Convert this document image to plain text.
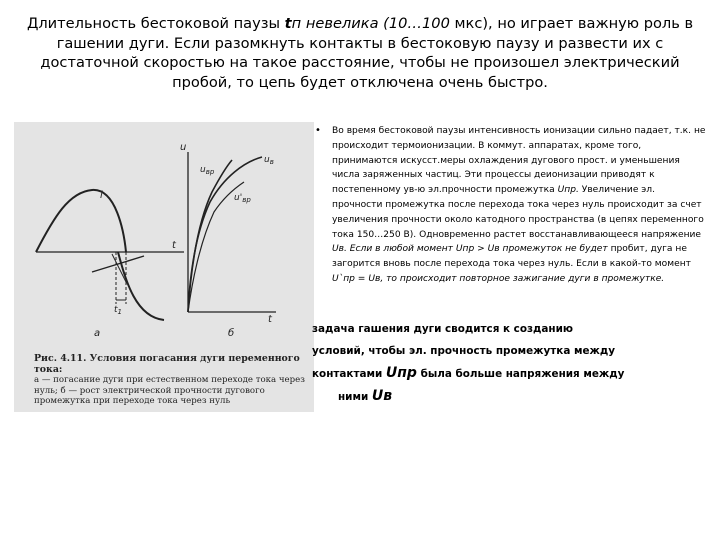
Длительность бестоковой паузы tп невелика (10…100 мкс), но играет важную роль в гашении дуги. Если разомкнуть контакты в бестоковую паузу и развести их с достаточной скоростью на такое расстояние, чтобы не произошел электрический пробой, то цепь будет отключена очень быстро.
i
t
$t_1$
а
u
t
$u_{вр}$
$u_в$
$u'_{вр}$
б
Рис. 4.11. Условия погасания дуги переменного тока:
а — погасание дуги при естественном переходе тока через нуль; б — рост электрической прочности дугового промежутка при переходе тока через нуль
• Во время бестоковой паузы интенсивность ионизации сильно падает, т.к. не происходит термоионизации. В коммут. аппаратах, кроме того, принимаются искусст.меры охлаждения дугового прост. и уменьшения числа заряженных частиц. Эти процессы деионизации приводят к постепенному ув-ю эл.прочности промежутка Uпр. Увеличение эл. прочности промежутка после перехода тока через нуль происходит за счет увеличения прочности около катодного пространства (в цепях переменного тока 150…250 В). Одновременно растет восстанавливающееся напряжение Uв. Если в любой момент Uпр > Uв промежуток не будет пробит, дуга не загорится вновь после перехода тока через нуль. Если в какой-то момент U`пр = Uв, то происходит повторное зажигание дуги в промежутке.
задача гашения дуги сводится к созданию
условий, чтобы эл. прочность промежутка между
контактами Uпр была больше напряжения между
ними Uв
